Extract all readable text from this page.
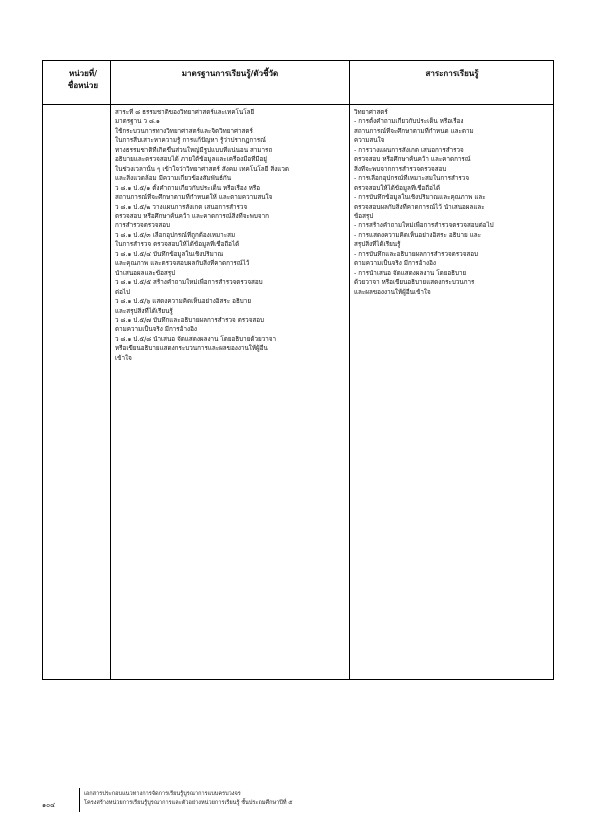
หน่วยที่/
ชื่อหน่วย
มาตรฐานการเรียนรู้/ตัวชี้วัด	สาระการเรียนรู้
สาระที่ ๘ ธรรมชาติของวิทยาศาสตร์และเทคโนโลยี
มาตรฐาน ว ๘.๑
ใช้กระบวนการทางวิทยาศาสตร์และจิตวิทยาศาสตร์
ในการสืบเสาะหาความรู้ การแก้ปัญหา รู้ว่าปรากฏการณ์
ทางธรรมชาติที่เกิดขึ้นส่วนใหญ่มีรูปแบบที่แน่นอน สามารถ
อธิบายและตรวจสอบได้ ภายใต้ข้อมูลและเครื่องมือที่มีอยู่
ในช่วงเวลานั้น ๆ เข้าใจว่าวิทยาศาสตร์ สังคม เทคโนโลยี สิ่งแวด
และสิ่งแวดล้อม มีความเกี่ยวข้องสัมพันธ์กัน
ว ๘.๑ ป.๕/๑ ตั้งคำถามเกี่ยวกับประเด็น หรือเรื่อง หรือ
สถานการณ์ที่จะศึกษาตามที่กำหนดให้ และตามความสนใจ
ว ๘.๑ ป.๕/๒ วางแผนการสังเกต เสนอการสำรวจ
ตรวจสอบ หรือศึกษาค้นคว้า และคาดการณ์สิ่งที่จะพบจาก
การสำรวจตรวจสอบ
ว ๘.๑ ป.๕/๓ เลือกอุปกรณ์ที่ถูกต้องเหมาะสม
ในการสำรวจ ตรวจสอบให้ได้ข้อมูลที่เชื่อถือได้
ว ๘.๑ ป.๕/๔ บันทึกข้อมูลในเชิงปริมาณ
และคุณภาพ และตรวจสอบผลกับสิ่งที่คาดการณ์ไว้
นำเสนอผลและข้อสรุป
ว ๘.๑ ป.๕/๕ สร้างคำถามใหม่เพื่อการสำรวจตรวจสอบ
ต่อไป
ว ๘.๑ ป.๕/๖ แสดงความคิดเห็นอย่างอิสระ อธิบาย
และสรุปสิ่งที่ได้เรียนรู้
ว ๘.๑ ป.๕/๗ บันทึกและอธิบายผลการสำรวจ ตรวจสอบ
ตามความเป็นจริง มีการอ้างอิง
ว ๘.๑ ป.๕/๘ นำเสนอ จัดแสดงผลงาน โดยอธิบายด้วยวาจา
หรือเขียนอธิบายแสดงกระบวนการและผลของงานให้ผู้อื่น
เข้าใจ
วิทยาศาสตร์
- การตั้งคำถามเกี่ยวกับประเด็น หรือเรื่อง
สถานการณ์ที่จะศึกษาตามที่กำหนด และตาม
ความสนใจ
- การวางแผนการสังเกต เสนอการสำรวจ
ตรวจสอบ หรือศึกษาค้นคว้า และคาดการณ์
สิ่งที่จะพบจากการสำรวจตรวจสอบ
- การเลือกอุปกรณ์ที่เหมาะสมในการสำรวจ
ตรวจสอบให้ได้ข้อมูลที่เชื่อถือได้
- การบันทึกข้อมูลในเชิงปริมาณและคุณภาพ และ
ตรวจสอบผลกับสิ่งที่คาดการณ์ไว้ นำเสนอผลและ
ข้อสรุป
- การสร้างคำถามใหม่เพื่อการสำรวจตรวจสอบต่อไป
- การแสดงความคิดเห็นอย่างอิสระ อธิบาย และ
สรุปสิ่งที่ได้เรียนรู้
- การบันทึกและอธิบายผลการสำรวจตรวจสอบ
ตามความเป็นจริง มีการอ้างอิง
- การนำเสนอ จัดแสดงผลงาน โดยอธิบาย
ด้วยวาจา หรือเขียนอธิบายแสดงกระบวนการ
และผลของงานให้ผู้อื่นเข้าใจ
๑๐๔
เอกสารประกอบแนวทางการจัดการเรียนรู้บูรณาการแบบครบวงจร
โครงสร้างหน่วยการเรียนรู้บูรณาการและตัวอย่างหน่วยการเรียนรู้ ชั้นประถมศึกษาปีที่ ๕
